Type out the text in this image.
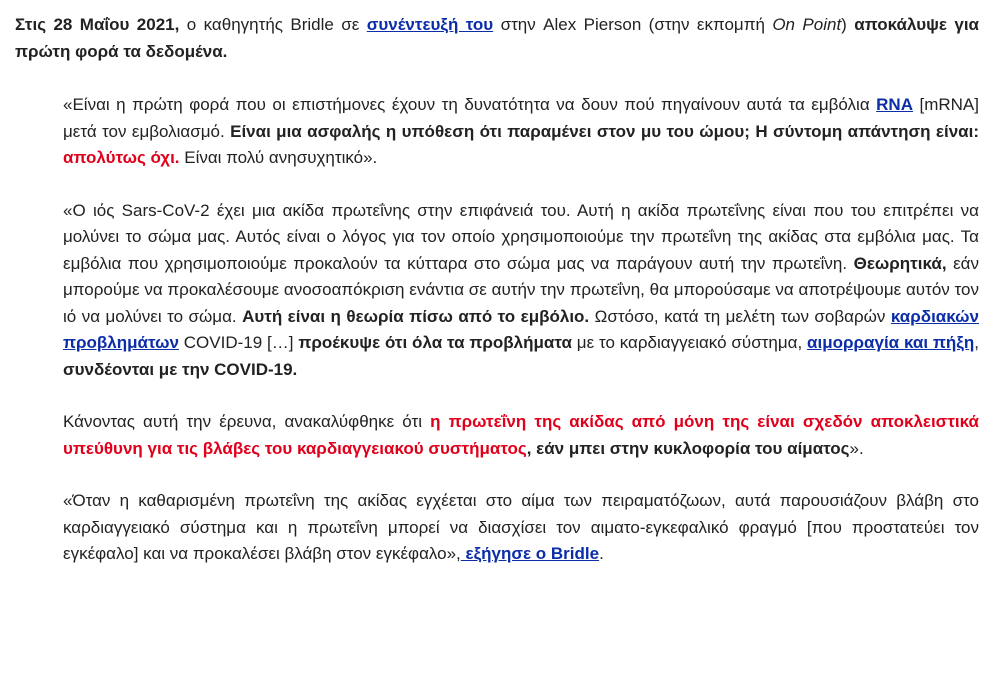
Στις 28 Μαΐου 2021, ο καθηγητής Bridle σε συνέντευξή του στην Alex Pierson (στην εκπομπή On Point) αποκάλυψε για πρώτη φορά τα δεδομένα.

«Είναι η πρώτη φορά που οι επιστήμονες έχουν τη δυνατότητα να δουν πού πηγαίνουν αυτά τα εμβόλια RNA [mRNA] μετά τον εμβολιασμό. Είναι μια ασφαλής η υπόθεση ότι παραμένει στον μυ του ώμου; Η σύντομη απάντηση είναι: απολύτως όχι. Είναι πολύ ανησυχητικό».

«Ο ιός Sars-CoV-2 έχει μια ακίδα πρωτεΐνης στην επιφάνειά του. Αυτή η ακίδα πρωτεΐνης είναι που του επιτρέπει να μολύνει το σώμα μας. Αυτός είναι ο λόγος για τον οποίο χρησιμοποιούμε την πρωτεΐνη της ακίδας στα εμβόλια μας. Τα εμβόλια που χρησιμοποιούμε προκαλούν τα κύτταρα στο σώμα μας να παράγουν αυτή την πρωτεΐνη. Θεωρητικά, εάν μπορούμε να προκαλέσουμε ανοσοαπόκριση ενάντια σε αυτήν την πρωτεΐνη, θα μπορούσαμε να αποτρέψουμε αυτόν τον ιό να μολύνει το σώμα. Αυτή είναι η θεωρία πίσω από το εμβόλιο. Ωστόσο, κατά τη μελέτη των σοβαρών καρδιακών προβλημάτων COVID-19 […] προέκυψε ότι όλα τα προβλήματα με το καρδιαγγειακό σύστημα, αιμορραγία και πήξη, συνδέονται με την COVID-19.

Κάνοντας αυτή την έρευνα, ανακαλύφθηκε ότι η πρωτεΐνη της ακίδας από μόνη της είναι σχεδόν αποκλειστικά υπεύθυνη για τις βλάβες του καρδιαγγειακού συστήματος, εάν μπει στην κυκλοφορία του αίματος».

«Όταν η καθαρισμένη πρωτεΐνη της ακίδας εγχέεται στο αίμα των πειραματόζωων, αυτά παρουσιάζουν βλάβη στο καρδιαγγειακό σύστημα και η πρωτεΐνη μπορεί να διασχίσει τον αιματο-εγκεφαλικό φραγμό [που προστατεύει τον εγκέφαλο] και να προκαλέσει βλάβη στον εγκέφαλο», εξήγησε ο Bridle.
